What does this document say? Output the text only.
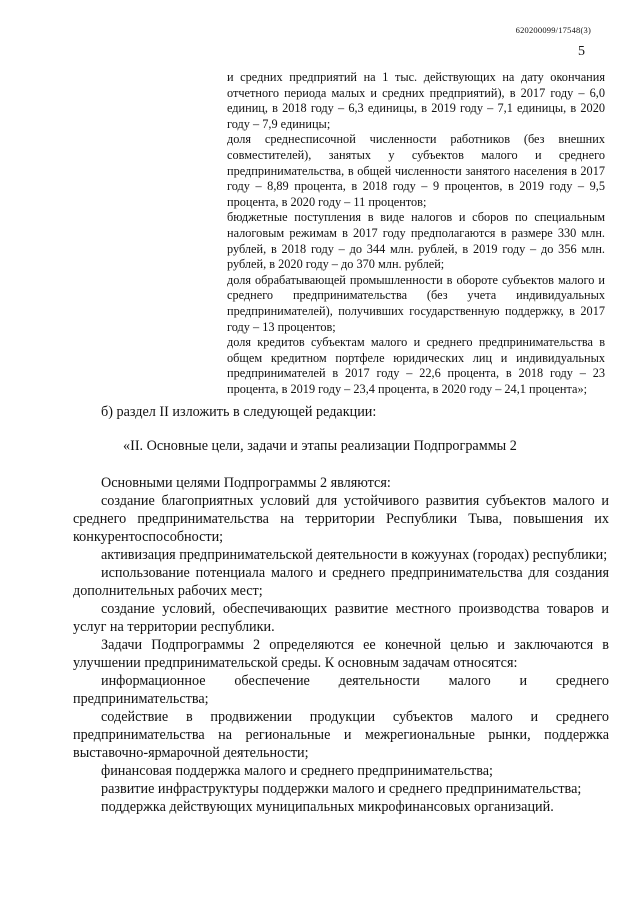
620200099/17548(3)
5

и средних предприятий на 1 тыс. действующих на дату окончания отчетного периода малых и средних предприятий), в 2017 году – 6,0 единиц, в 2018 году – 6,3 единицы, в 2019 году – 7,1 единицы, в 2020 году – 7,9 единицы;

доля среднесписочной численности работников (без внешних совместителей), занятых у субъектов малого и среднего предпринимательства, в общей численности занятого населения в 2017 году – 8,89 процента, в 2018 году – 9 процентов, в 2019 году – 9,5 процента, в 2020 году – 11 процентов;

бюджетные поступления в виде налогов и сборов по специальным налоговым режимам в 2017 году предполагаются в размере 330 млн. рублей, в 2018 году – до 344 млн. рублей, в 2019 году – до 356 млн. рублей, в 2020 году – до 370 млн. рублей;

доля обрабатывающей промышленности в обороте субъектов малого и среднего предпринимательства (без учета индивидуальных предпринимателей), получивших государственную поддержку, в 2017 году – 13 процентов;

доля кредитов субъектам малого и среднего предпринимательства в общем кредитном портфеле юридических лиц и индивидуальных предпринимателей в 2017 году – 22,6 процента, в 2018 году – 23 процента, в 2019 году – 23,4 процента, в 2020 году – 24,1 процента»;

б) раздел II изложить в следующей редакции:

«II. Основные цели, задачи и этапы реализации Подпрограммы 2

Основными целями Подпрограммы 2 являются:

создание благоприятных условий для устойчивого развития субъектов малого и среднего предпринимательства на территории Республики Тыва, повышения их конкурентоспособности;

активизация предпринимательской деятельности в кожуунах (городах) республики;

использование потенциала малого и среднего предпринимательства для создания дополнительных рабочих мест;

создание условий, обеспечивающих развитие местного производства товаров и услуг на территории республики.

Задачи Подпрограммы 2 определяются ее конечной целью и заключаются в улучшении предпринимательской среды. К основным задачам относятся:

информационное обеспечение деятельности малого и среднего предпринимательства;

содействие в продвижении продукции субъектов малого и среднего предпринимательства на региональные и межрегиональные рынки, поддержка выставочно-ярмарочной деятельности;

финансовая поддержка малого и среднего предпринимательства;

развитие инфраструктуры поддержки малого и среднего предпринимательства;

поддержка действующих муниципальных микрофинансовых организаций.
